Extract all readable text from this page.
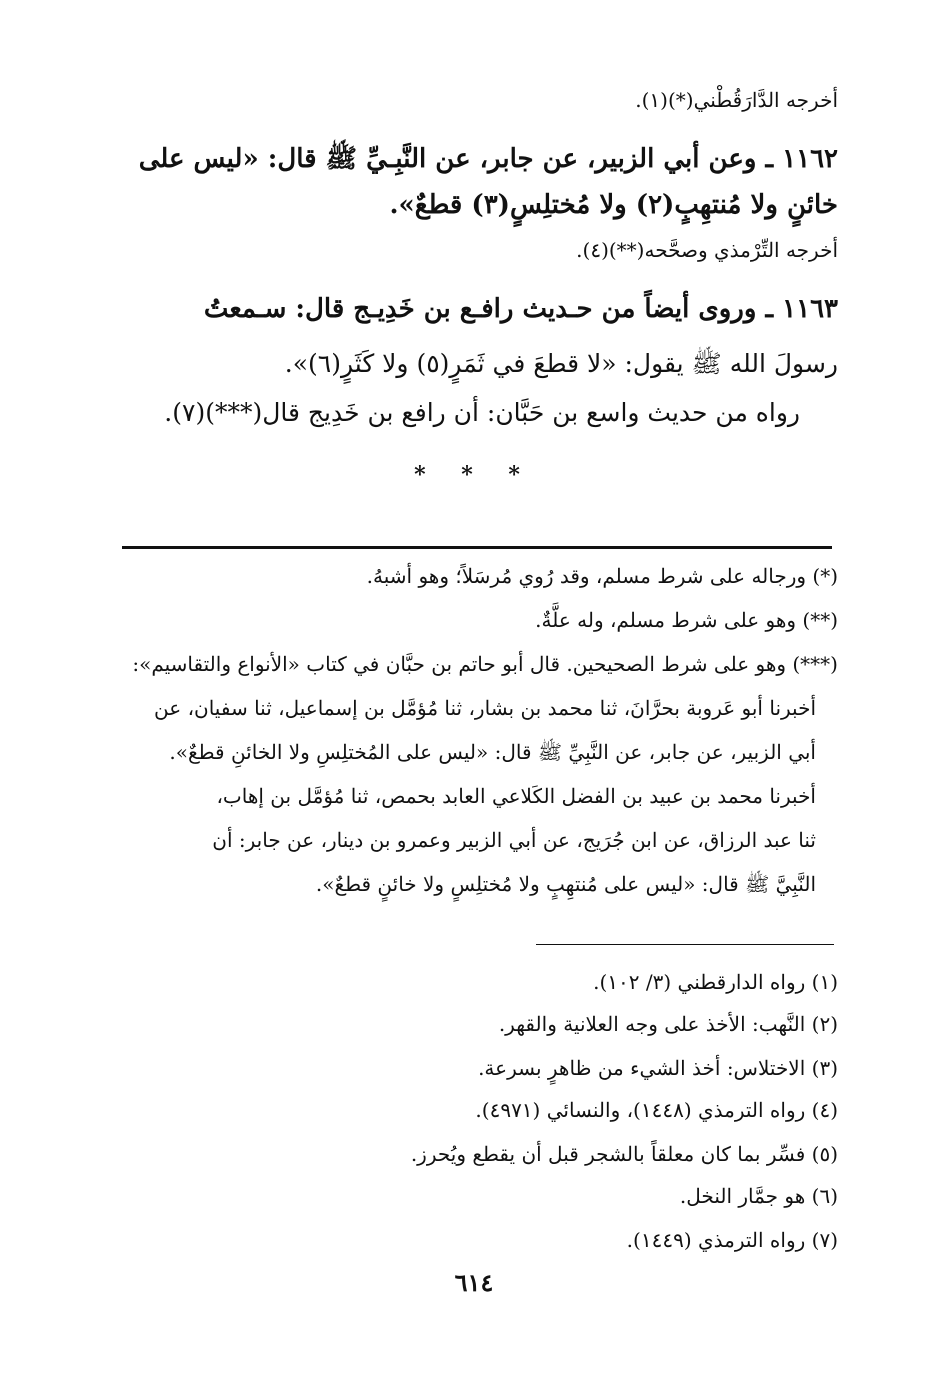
أخرجه الدَّارَقُطْني(*)(١).
١١٦٢ ـ وعن أبي الزبير، عن جابر، عن النَّبِـيِّ ﷺ قال: «ليس على
خائنٍ ولا مُنتهِبٍ(٢) ولا مُختلِسٍ(٣) قطعٌ».
أخرجه التِّرْمذي وصحَّحه(**)(٤).
١١٦٣ ـ وروى أيضاً من حـديث رافـع بن خَدِيـج قال: سـمعتُ
رسولَ الله ﷺ يقول: «لا قطعَ في ثَمَرٍ(٥) ولا كَثَرٍ(٦)».
رواه من حديث واسع بن حَبَّان: أن رافع بن خَدِيج قال(***)(٧).
* * *
(*) ورجاله على شرط مسلم، وقد رُوي مُرسَلاً؛ وهو أشبهُ.
(**) وهو على شرط مسلم، وله علَّةٌ.
(***) وهو على شرط الصحيحين. قال أبو حاتم بن حبَّان في كتاب «الأنواع والتقاسيم»:
أخبرنا أبو عَروبة بحرَّانَ، ثنا محمد بن بشار، ثنا مُؤمَّل بن إسماعيل، ثنا سفيان، عن
أبي الزبير، عن جابر، عن النَّبِيِّ ﷺ قال: «ليس على المُختلِسِ ولا الخائنِ قطعٌ».
أخبرنا محمد بن عبيد بن الفضل الكَلاعي العابد بحمص، ثنا مُؤمَّل بن إهاب،
ثنا عبد الرزاق، عن ابن جُرَيج، عن أبي الزبير وعمرو بن دينار، عن جابر: أن
النَّبِيَّ ﷺ قال: «ليس على مُنتهِبٍ ولا مُختلِسٍ ولا خائنٍ قطعٌ».
(١) رواه الدارقطني (٣/ ١٠٢).
(٢) النَّهب: الأخذ على وجه العلانية والقهر.
(٣) الاختلاس: أخذ الشيء من ظاهرٍ بسرعة.
(٤) رواه الترمذي (١٤٤٨)، والنسائي (٤٩٧١).
(٥) فسِّر بما كان معلقاً بالشجر قبل أن يقطع ويُحرز.
(٦) هو جمَّار النخل.
(٧) رواه الترمذي (١٤٤٩).
٦١٤
